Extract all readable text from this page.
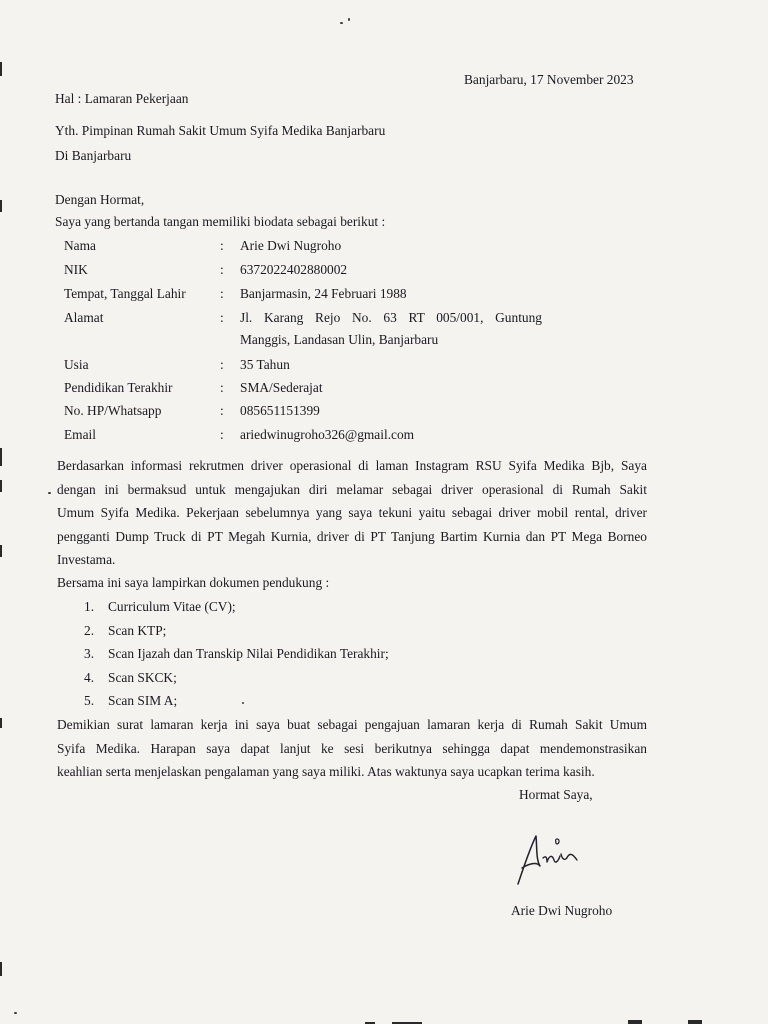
Banjarbaru, 17 November 2023
Hal : Lamaran Pekerjaan
Yth. Pimpinan Rumah Sakit Umum Syifa Medika Banjarbaru
Di Banjarbaru
Dengan Hormat,
Saya yang bertanda tangan memiliki biodata sebagai berikut :
Nama	: Arie Dwi Nugroho
NIK	: 6372022402880002
Tempat, Tanggal Lahir	: Banjarmasin, 24 Februari 1988
Alamat	: Jl. Karang Rejo No. 63 RT 005/001, Guntung
Manggis, Landasan Ulin, Banjarbaru
Usia	: 35 Tahun
Pendidikan Terakhir	: SMA/Sederajat
No. HP/Whatsapp	: 085651151399
Email	: ariedwinugroho326@gmail.com
Berdasarkan informasi rekrutmen driver operasional di laman Instagram RSU Syifa Medika Bjb, Saya
dengan ini bermaksud untuk mengajukan diri melamar sebagai driver operasional di Rumah Sakit
Umum Syifa Medika. Pekerjaan sebelumnya yang saya tekuni yaitu sebagai driver mobil rental, driver
pengganti Dump Truck di PT Megah Kurnia, driver di PT Tanjung Bartim Kurnia dan PT Mega Borneo
Investama.
Bersama ini saya lampirkan dokumen pendukung :
1. Curriculum Vitae (CV);
2. Scan KTP;
3. Scan Ijazah dan Transkip Nilai Pendidikan Terakhir;
4. Scan SKCK;
5. Scan SIM A;
Demikian surat lamaran kerja ini saya buat sebagai pengajuan lamaran kerja di Rumah Sakit Umum
Syifa Medika. Harapan saya dapat lanjut ke sesi berikutnya sehingga dapat mendemonstrasikan
keahlian serta menjelaskan pengalaman yang saya miliki. Atas waktunya saya ucapkan terima kasih.
Hormat Saya,
Arie Dwi Nugroho
